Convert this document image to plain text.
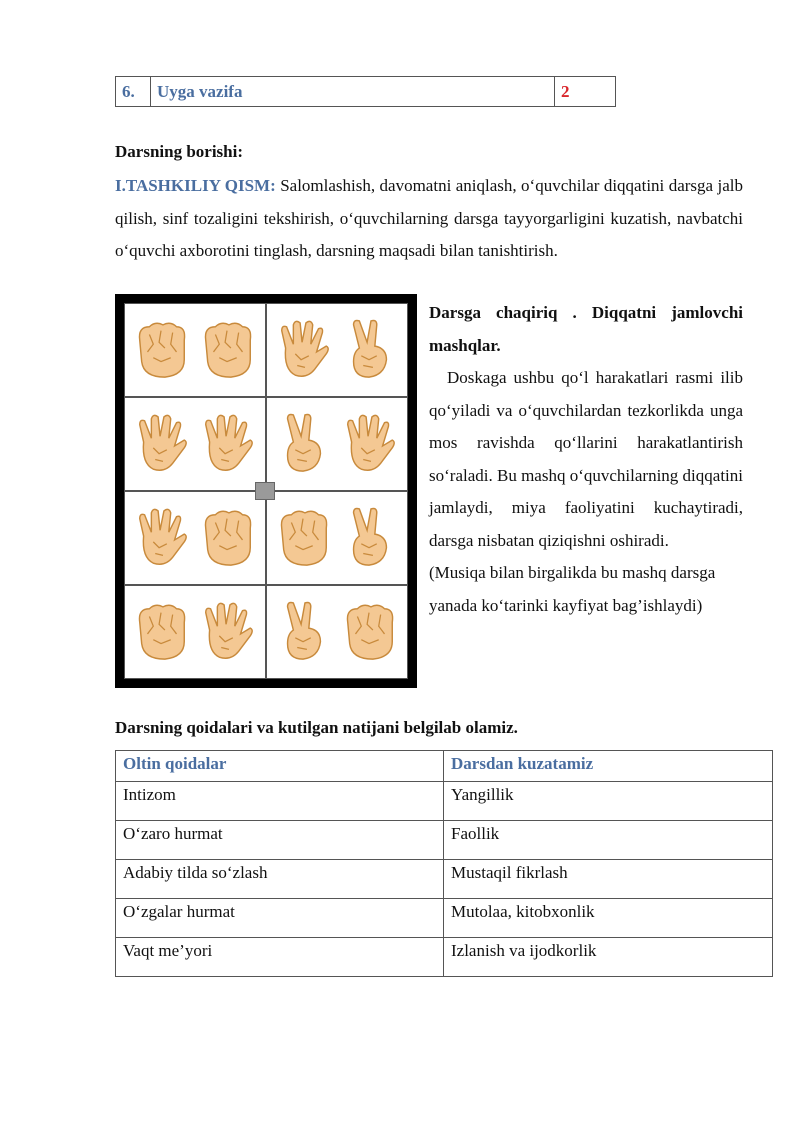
6.	Uyga vazifa	2
Darsning borishi:

I.TASHKILIY QISM: Salomlashish, davomatni aniqlash, o‘quvchilar diqqatini darsga jalb qilish, sinf tozaligini tekshirish, o‘quvchilarning darsga tayyorgarligini kuzatish, navbatchi o‘quvchi axborotini tinglash, darsning maqsadi bilan tanishtirish.

Darsga chaqiriq . Diqqatni jamlovchi mashqlar.

Doskaga ushbu qo‘l harakatlari rasmi ilib qo‘yiladi va o‘quvchilardan tezkorlikda unga mos ravishda qo‘llarini harakatlantirish so‘raladi. Bu mashq o‘quvchilarning diqqatini jamlaydi, miya faoliyatini kuchaytiradi, darsga nisbatan qiziqishni oshiradi.

(Musiqa bilan birgalikda bu mashq darsga yanada ko‘tarinki kayfiyat bag’ishlaydi)

Darsning qoidalari va kutilgan natijani belgilab olamiz.
Oltin qoidalar	Darsdan kuzatamiz
Intizom	Yangillik
O‘zaro hurmat	Faollik
Adabiy tilda so‘zlash	Mustaqil fikrlash
O‘zgalar hurmat	Mutolaa, kitobxonlik
Vaqt me’yori	Izlanish va ijodkorlik
